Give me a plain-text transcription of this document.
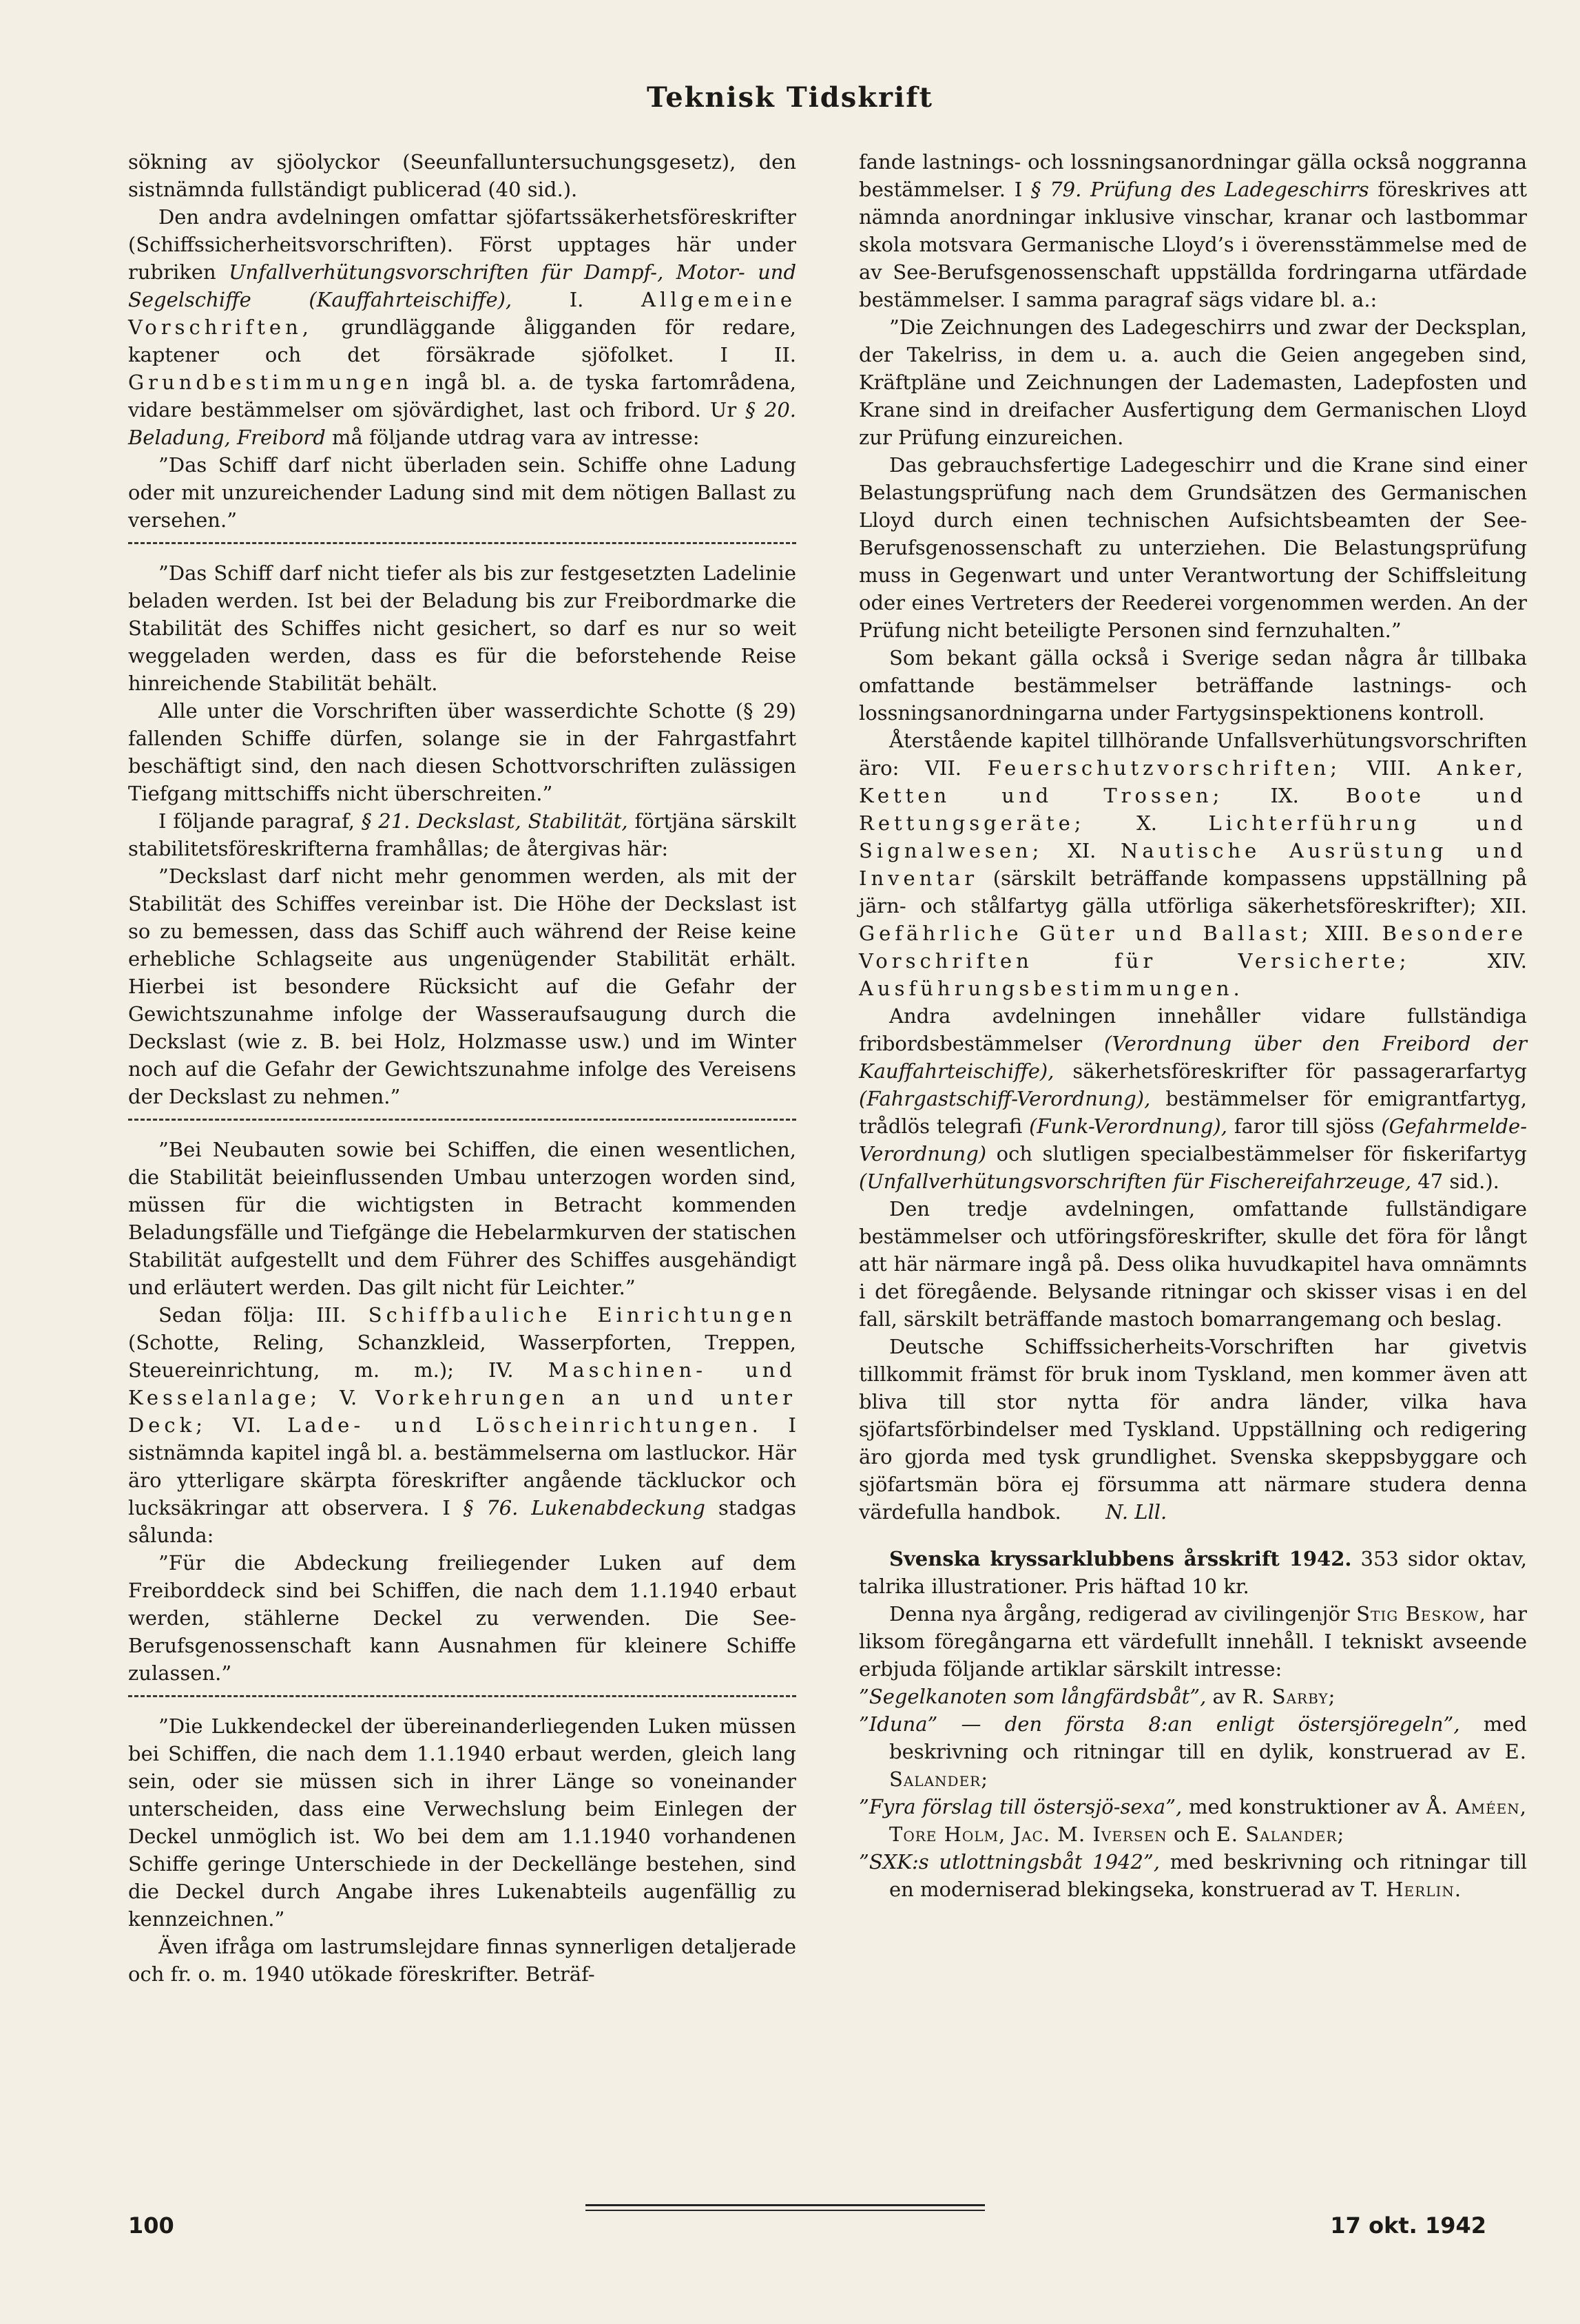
Teknisk Tidskrift

sökning av sjöolyckor (Seeunfalluntersuchungsgesetz), den sistnämnda fullständigt publicerad (40 sid.).

Den andra avdelningen omfattar sjöfartssäkerhetsföreskrifter (Schiffssicherheitsvorschriften). Först upptages här under rubriken Unfallverhütungsvorschriften für Dampf-, Motor- und Segelschiffe (Kauffahrteischiffe), I. Allgemeine Vorschriften, grundläggande åligganden för redare, kaptener och det försäkrade sjöfolket. I II. Grundbestimmungen ingå bl. a. de tyska fartområdena, vidare bestämmelser om sjövärdighet, last och fribord. Ur § 20. Beladung, Freibord må följande utdrag vara av intresse:

”Das Schiff darf nicht überladen sein. Schiffe ohne Ladung oder mit unzureichender Ladung sind mit dem nötigen Ballast zu versehen.”

”Das Schiff darf nicht tiefer als bis zur festgesetzten Ladelinie beladen werden. Ist bei der Beladung bis zur Freibordmarke die Stabilität des Schiffes nicht gesichert, so darf es nur so weit weggeladen werden, dass es für die beforstehende Reise hinreichende Stabilität behält.

Alle unter die Vorschriften über wasserdichte Schotte (§ 29) fallenden Schiffe dürfen, solange sie in der Fahrgastfahrt beschäftigt sind, den nach diesen Schottvorschriften zulässigen Tiefgang mittschiffs nicht überschreiten.”

I följande paragraf, § 21. Deckslast, Stabilität, förtjäna särskilt stabilitetsföreskrifterna framhållas; de återgivas här:

”Deckslast darf nicht mehr genommen werden, als mit der Stabilität des Schiffes vereinbar ist. Die Höhe der Deckslast ist so zu bemessen, dass das Schiff auch während der Reise keine erhebliche Schlagseite aus ungenügender Stabilität erhält. Hierbei ist besondere Rücksicht auf die Gefahr der Gewichtszunahme infolge der Wasseraufsaugung durch die Deckslast (wie z. B. bei Holz, Holzmasse usw.) und im Winter noch auf die Gefahr der Gewichtszunahme infolge des Vereisens der Deckslast zu nehmen.”

”Bei Neubauten sowie bei Schiffen, die einen wesentlichen, die Stabilität beieinflussenden Umbau unterzogen worden sind, müssen für die wichtigsten in Betracht kommenden Beladungsfälle und Tiefgänge die Hebelarmkurven der statischen Stabilität aufgestellt und dem Führer des Schiffes ausgehändigt und erläutert werden. Das gilt nicht für Leichter.”

Sedan följa: III. Schiffbauliche Einrichtungen (Schotte, Reling, Schanzkleid, Wasserpforten, Treppen, Steuereinrichtung, m. m.); IV. Maschinen- und Kesselanlage; V. Vorkehrungen an und unter Deck; VI. Lade- und Löscheinrichtungen. I sistnämnda kapitel ingå bl. a. bestämmelserna om lastluckor. Här äro ytterligare skärpta föreskrifter angående täckluckor och lucksäkringar att observera. I § 76. Lukenabdeckung stadgas sålunda:

”Für die Abdeckung freiliegender Luken auf dem Freiborddeck sind bei Schiffen, die nach dem 1.1.1940 erbaut werden, stählerne Deckel zu verwenden. Die See-Berufsgenossenschaft kann Ausnahmen für kleinere Schiffe zulassen.”

”Die Lukkendeckel der übereinanderliegenden Luken müssen bei Schiffen, die nach dem 1.1.1940 erbaut werden, gleich lang sein, oder sie müssen sich in ihrer Länge so voneinander unterscheiden, dass eine Verwechslung beim Einlegen der Deckel unmöglich ist. Wo bei dem am 1.1.1940 vorhandenen Schiffe geringe Unterschiede in der Deckellänge bestehen, sind die Deckel durch Angabe ihres Lukenabteils augenfällig zu kennzeichnen.”

Även ifråga om lastrumslejdare finnas synnerligen detaljerade och fr. o. m. 1940 utökade föreskrifter. Beträf-

fande lastnings- och lossningsanordningar gälla också noggranna bestämmelser. I § 79. Prüfung des Ladegeschirrs föreskrives att nämnda anordningar inklusive vinschar, kranar och lastbommar skola motsvara Germanische Lloyd’s i överensstämmelse med de av See-Berufsgenossenschaft uppställda fordringarna utfärdade bestämmelser. I samma paragraf sägs vidare bl. a.:

”Die Zeichnungen des Ladegeschirrs und zwar der Decksplan, der Takelriss, in dem u. a. auch die Geien angegeben sind, Kräftpläne und Zeichnungen der Lademasten, Ladepfosten und Krane sind in dreifacher Ausfertigung dem Germanischen Lloyd zur Prüfung einzureichen.

Das gebrauchsfertige Ladegeschirr und die Krane sind einer Belastungsprüfung nach dem Grundsätzen des Germanischen Lloyd durch einen technischen Aufsichtsbeamten der See-Berufsgenossenschaft zu unterziehen. Die Belastungsprüfung muss in Gegenwart und unter Verantwortung der Schiffsleitung oder eines Vertreters der Reederei vorgenommen werden. An der Prüfung nicht beteiligte Personen sind fernzuhalten.”

Som bekant gälla också i Sverige sedan några år tillbaka omfattande bestämmelser beträffande lastnings- och lossningsanordningarna under Fartygsinspektionens kontroll.

Återstående kapitel tillhörande Unfallsverhütungsvorschriften äro: VII. Feuerschutzvorschriften; VIII. Anker, Ketten und Trossen; IX. Boote und Rettungsgeräte; X. Lichterführung und Signalwesen; XI. Nautische Ausrüstung und Inventar (särskilt beträffande kompassens uppställning på järn- och stålfartyg gälla utförliga säkerhetsföreskrifter); XII. Gefährliche Güter und Ballast; XIII. Besondere Vorschriften für Versicherte; XIV. Ausführungsbestimmungen.

Andra avdelningen innehåller vidare fullständiga fribordsbestämmelser (Verordnung über den Freibord der Kauffahrteischiffe), säkerhetsföreskrifter för passagerarfartyg (Fahrgastschiff-Verordnung), bestämmelser för emigrantfartyg, trådlös telegrafi (Funk-Verordnung), faror till sjöss (Gefahrmelde-Verordnung) och slutligen specialbestämmelser för fiskerifartyg (Unfallverhütungsvorschriften für Fischereifahrzeuge, 47 sid.).

Den tredje avdelningen, omfattande fullständigare bestämmelser och utföringsföreskrifter, skulle det föra för långt att här närmare ingå på. Dess olika huvudkapitel hava omnämnts i det föregående. Belysande ritningar och skisser visas i en del fall, särskilt beträffande mastoch bomarrangemang och beslag.

Deutsche Schiffssicherheits-Vorschriften har givetvis tillkommit främst för bruk inom Tyskland, men kommer även att bliva till stor nytta för andra länder, vilka hava sjöfartsförbindelser med Tyskland. Uppställning och redigering äro gjorda med tysk grundlighet. Svenska skeppsbyggare och sjöfartsmän böra ej försumma att närmare studera denna värdefulla handbok. N. Lll.

Svenska kryssarklubbens årsskrift 1942. 353 sidor oktav, talrika illustrationer. Pris häftad 10 kr.

Denna nya årgång, redigerad av civilingenjör Stig Beskow, har liksom föregångarna ett värdefullt innehåll. I tekniskt avseende erbjuda följande artiklar särskilt intresse:

”Segelkanoten som långfärdsbåt”, av R. Sarby;

”Iduna” — den första 8:an enligt östersjöregeln”, med beskrivning och ritningar till en dylik, konstruerad av E. Salander;

”Fyra förslag till östersjö-sexa”, med konstruktioner av Å. Améen, Tore Holm, Jac. M. Iversen och E. Salander;

”SXK:s utlottningsbåt 1942”, med beskrivning och ritningar till en moderniserad blekingseka, konstruerad av T. Herlin.

100	17 okt. 1942
